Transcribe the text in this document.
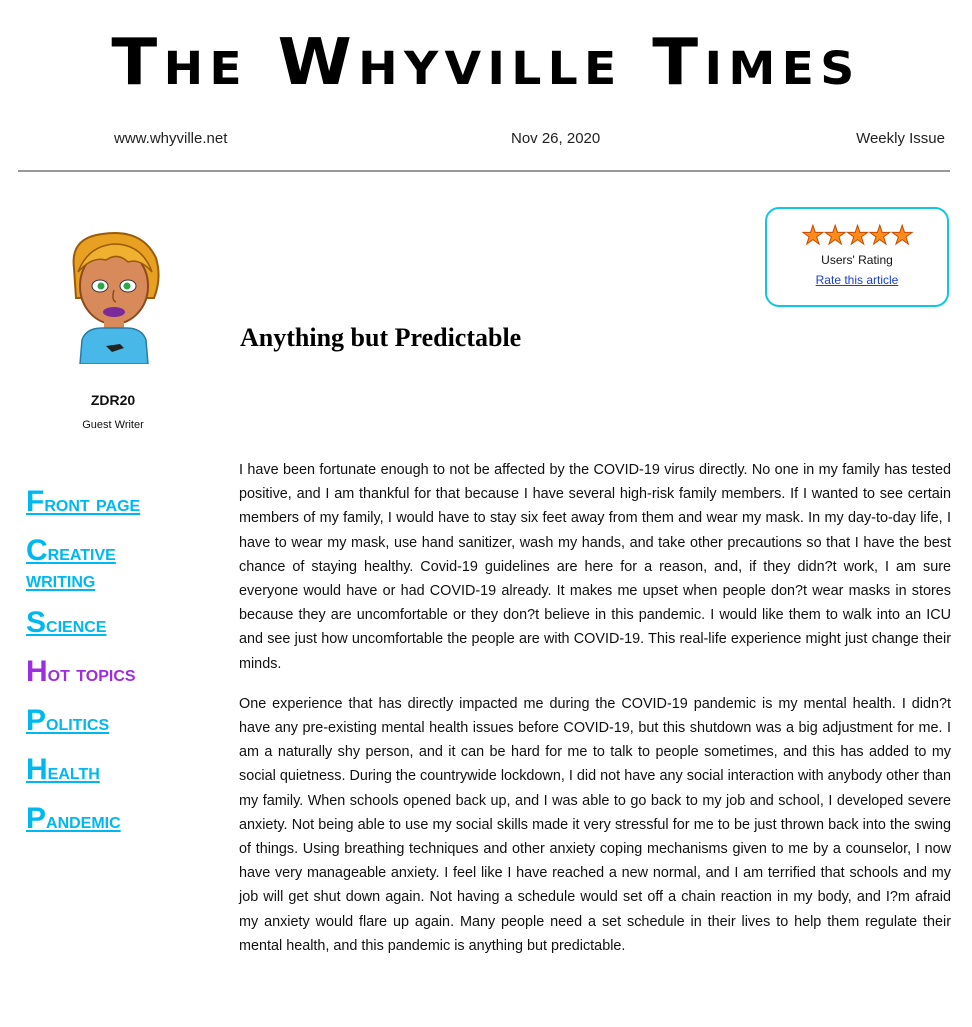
The Whyville Times
www.whyville.net	Nov 26, 2020	Weekly Issue
ZDR20
Guest Writer
Front page
Creative
writing
Science
Hot topics
Politics
Health
Pandemic
★★★★★
Users' Rating
Rate this article
Anything but Predictable

I have been fortunate enough to not be affected by the COVID-19 virus directly. No one in my family has tested positive, and I am thankful for that because I have several high-risk family members. If I wanted to see certain members of my family, I would have to stay six feet away from them and wear my mask. In my day-to-day life, I have to wear my mask, use hand sanitizer, wash my hands, and take other precautions so that I have the best chance of staying healthy. Covid-19 guidelines are here for a reason, and, if they didn?t work, I am sure everyone would have or had COVID-19 already. It makes me upset when people don?t wear masks in stores because they are uncomfortable or they don?t believe in this pandemic. I would like them to walk into an ICU and see just how uncomfortable the people are with COVID-19. This real-life experience might just change their minds.

One experience that has directly impacted me during the COVID-19 pandemic is my mental health. I didn?t have any pre-existing mental health issues before COVID-19, but this shutdown was a big adjustment for me. I am a naturally shy person, and it can be hard for me to talk to people sometimes, and this has added to my social quietness. During the countrywide lockdown, I did not have any social interaction with anybody other than my family. When schools opened back up, and I was able to go back to my job and school, I developed severe anxiety. Not being able to use my social skills made it very stressful for me to be just thrown back into the swing of things. Using breathing techniques and other anxiety coping mechanisms given to me by a counselor, I now have very manageable anxiety. I feel like I have reached a new normal, and I am terrified that schools and my job will get shut down again. Not having a schedule would set off a chain reaction in my body, and I?m afraid my anxiety would flare up again. Many people need a set schedule in their lives to help them regulate their mental health, and this pandemic is anything but predictable.
